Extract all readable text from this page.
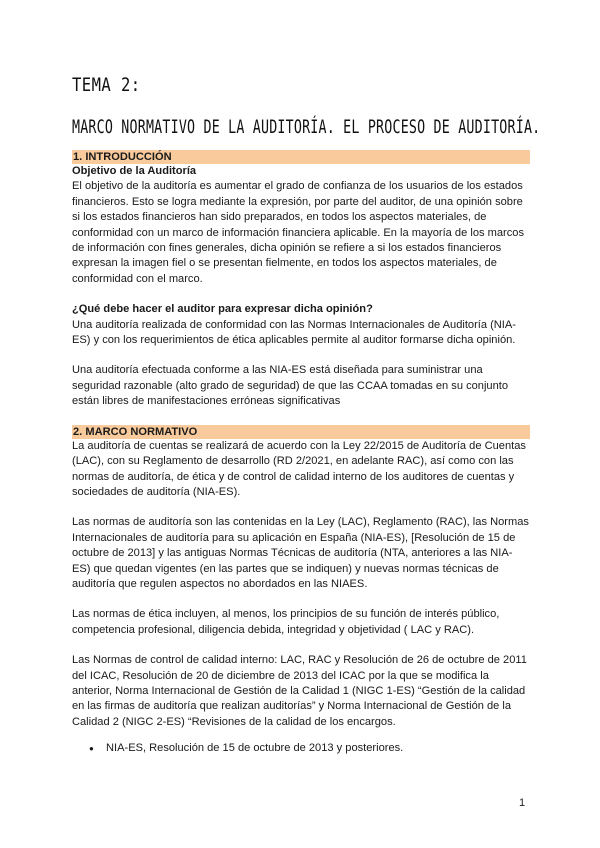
TEMA 2:
MARCO NORMATIVO DE LA AUDITORÍA. EL PROCESO DE AUDITORÍA.
1. INTRODUCCIÓN

Objetivo de la Auditoría

El objetivo de la auditoría es aumentar el grado de confianza de los usuarios de los estados financieros. Esto se logra mediante la expresión, por parte del auditor, de una opinión sobre si los estados financieros han sido preparados, en todos los aspectos materiales, de conformidad con un marco de información financiera aplicable. En la mayoría de los marcos de información con fines generales, dicha opinión se refiere a si los estados financieros expresan la imagen fiel o se presentan fielmente, en todos los aspectos materiales, de conformidad con el marco.

¿Qué debe hacer el auditor para expresar dicha opinión?

Una auditoría realizada de conformidad con las Normas Internacionales de Auditoría (NIA-ES) y con los requerimientos de ética aplicables permite al auditor formarse dicha opinión.

Una auditoría efectuada conforme a las NIA-ES está diseñada para suministrar una seguridad razonable (alto grado de seguridad) de que las CCAA tomadas en su conjunto están libres de manifestaciones erróneas significativas

2. MARCO NORMATIVO

La auditoría de cuentas se realizará de acuerdo con la Ley 22/2015 de Auditoría de Cuentas (LAC), con su Reglamento de desarrollo (RD 2/2021, en adelante RAC), así como con las normas de auditoría, de ética y de control de calidad interno de los auditores de cuentas y sociedades de auditoría (NIA-ES).

Las normas de auditoría son las contenidas en la Ley (LAC), Reglamento (RAC), las Normas Internacionales de auditoría para su aplicación en España (NIA-ES), [Resolución de 15 de octubre de 2013] y las antiguas Normas Técnicas de auditoría (NTA, anteriores a las NIA-ES) que quedan vigentes (en las partes que se indiquen) y nuevas normas técnicas de auditoría que regulen aspectos no abordados en las NIAES.

Las normas de ética incluyen, al menos, los principios de su función de interés público, competencia profesional, diligencia debida, integridad y objetividad ( LAC y RAC).

Las Normas de control de calidad interno: LAC, RAC y Resolución de 26 de octubre de 2011 del ICAC, Resolución de 20 de diciembre de 2013 del ICAC por la que se modifica la anterior, Norma Internacional de Gestión de la Calidad 1 (NIGC 1-ES) “Gestión de la calidad en las firmas de auditoría que realizan auditorías” y Norma Internacional de Gestión de la Calidad 2 (NIGC 2-ES) “Revisiones de la calidad de los encargos.

● NIA-ES, Resolución de 15 de octubre de 2013 y posteriores.
1
